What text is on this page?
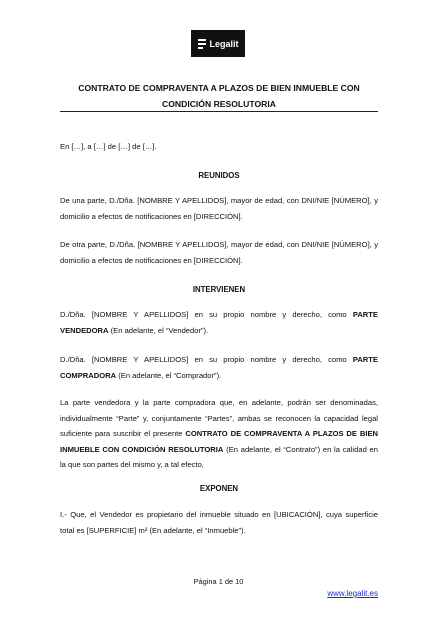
Legalit
CONTRATO DE COMPRAVENTA A PLAZOS DE BIEN INMUEBLE CON CONDICIÓN RESOLUTORIA
En […], a […] de […] de […].
REUNIDOS
De una parte, D./Dña. [NOMBRE Y APELLIDOS], mayor de edad, con DNI/NIE [NÚMERO], y domicilio a efectos de notificaciones en [DIRECCIÓN].
De otra parte, D./Dña. [NOMBRE Y APELLIDOS], mayor de edad, con DNI/NIE [NÚMERO], y domicilio a efectos de notificaciones en [DIRECCIÓN].
INTERVIENEN
D./Dña. [NOMBRE Y APELLIDOS] en su propio nombre y derecho, como PARTE VENDEDORA (En adelante, el “Vendedor”).
D./Dña. [NOMBRE Y APELLIDOS] en su propio nombre y derecho, como PARTE COMPRADORA (En adelante, el “Comprador”).
La parte vendedora y la parte compradora que, en adelante, podrán ser denominadas, individualmente “Parte” y, conjuntamente “Partes”, ambas se reconocen la capacidad legal suficiente para suscribir el presente CONTRATO DE COMPRAVENTA A PLAZOS DE BIEN INMUEBLE CON CONDICIÓN RESOLUTORIA (En adelante, el “Contrato”) en la calidad en la que son partes del mismo y, a tal efecto,
EXPONEN
I.- Que, el Vendedor es propietario del inmueble situado en [UBICACIÓN], cuya superficie total es [SUPERFICIE] m² (En adelante, el “Inmueble”).
Página 1 de 10
www.legalit.es
